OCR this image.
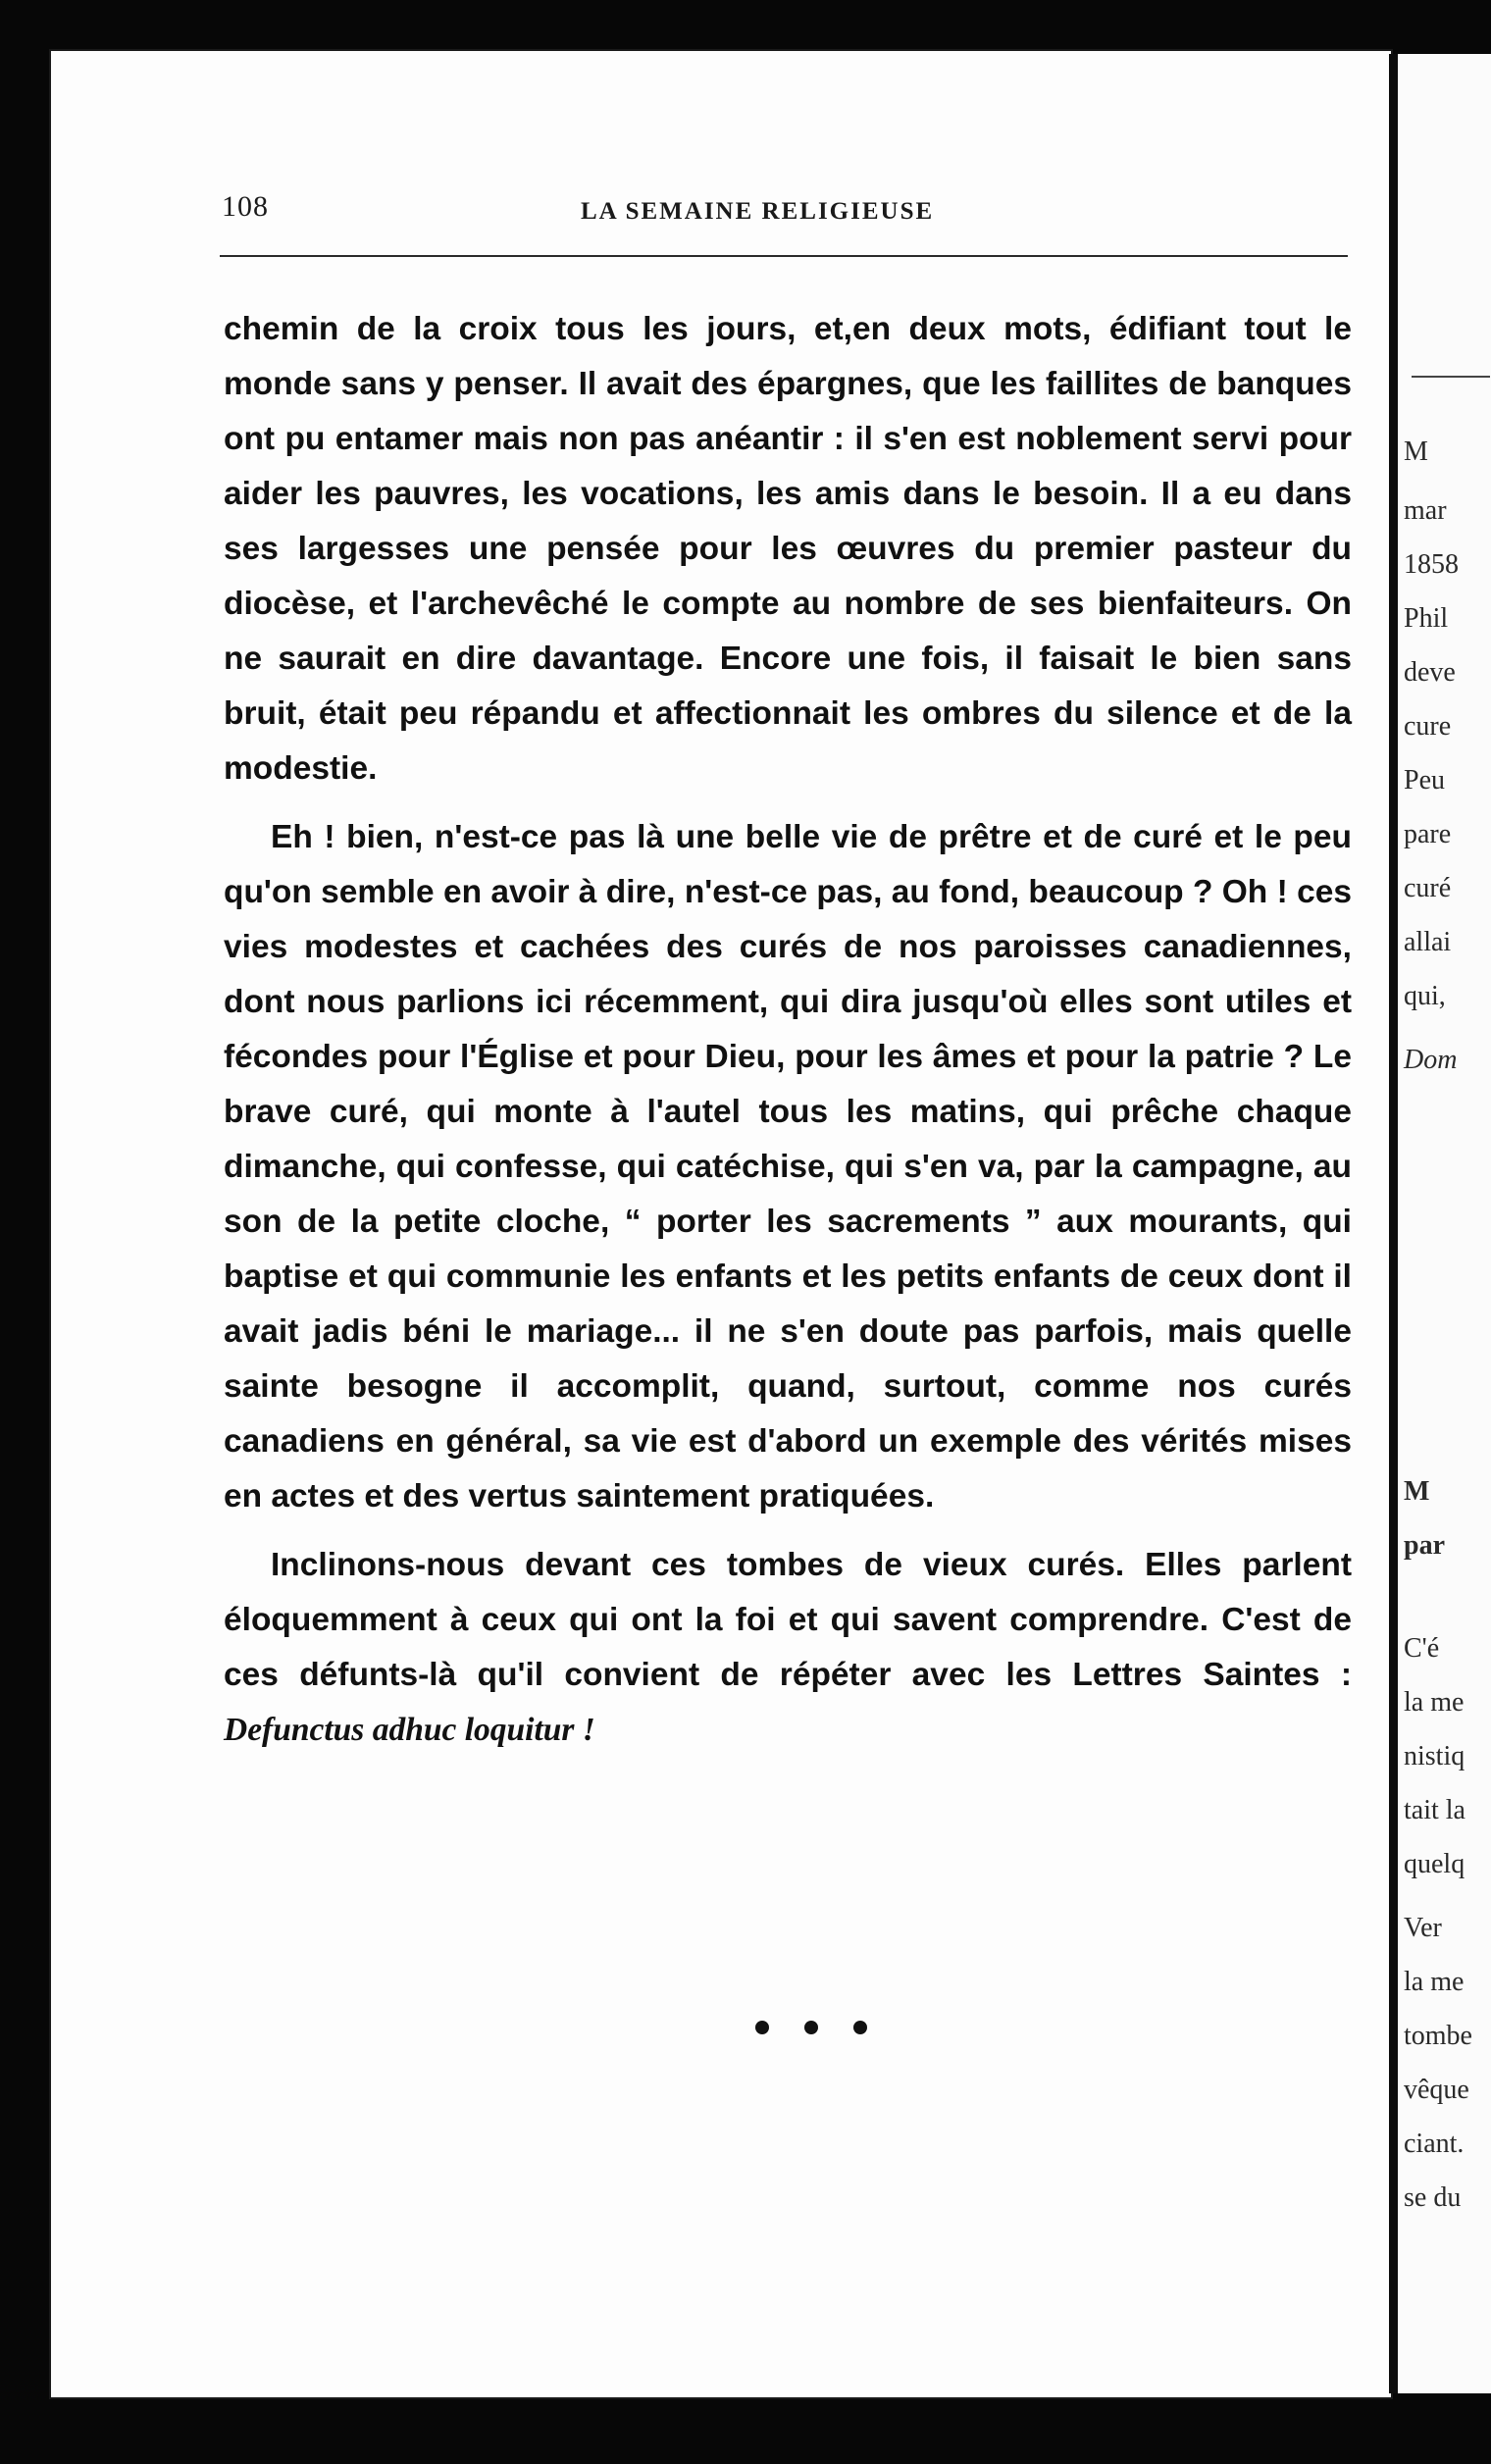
M
mar
1858
Phil
deve
cure
Peu
pare
curé
allai
qui,
Dom
M
par
C'é
la me
nistiq
tait la
quelq
Ver
la me
tombe
vêque
ciant.
se du
108	LA SEMAINE RELIGIEUSE

chemin de la croix tous les jours, et,en deux mots, édifiant tout le monde sans y penser. Il avait des épargnes, que les faillites de banques ont pu entamer mais non pas anéantir : il s'en est noblement servi pour aider les pauvres, les vocations, les amis dans le besoin. Il a eu dans ses largesses une pensée pour les œuvres du premier pasteur du diocèse, et l'archevêché le compte au nombre de ses bienfaiteurs. On ne saurait en dire davantage. Encore une fois, il faisait le bien sans bruit, était peu répandu et affectionnait les ombres du silence et de la modestie.

Eh ! bien, n'est-ce pas là une belle vie de prêtre et de curé et le peu qu'on semble en avoir à dire, n'est-ce pas, au fond, beaucoup ? Oh ! ces vies modestes et cachées des curés de nos paroisses canadiennes, dont nous parlions ici récemment, qui dira jusqu'où elles sont utiles et fécondes pour l'Église et pour Dieu, pour les âmes et pour la patrie ? Le brave curé, qui monte à l'autel tous les matins, qui prêche chaque dimanche, qui confesse, qui catéchise, qui s'en va, par la campagne, au son de la petite cloche, “ porter les sacrements ” aux mourants, qui baptise et qui communie les enfants et les petits enfants de ceux dont il avait jadis béni le mariage... il ne s'en doute pas parfois, mais quelle sainte besogne il accomplit, quand, surtout, comme nos curés canadiens en général, sa vie est d'abord un exemple des vérités mises en actes et des vertus saintement pratiquées.

Inclinons-nous devant ces tombes de vieux curés. Elles parlent éloquemment à ceux qui ont la foi et qui savent comprendre. C'est de ces défunts-là qu'il convient de répéter avec les Lettres Saintes : Defunctus adhuc loquitur !
